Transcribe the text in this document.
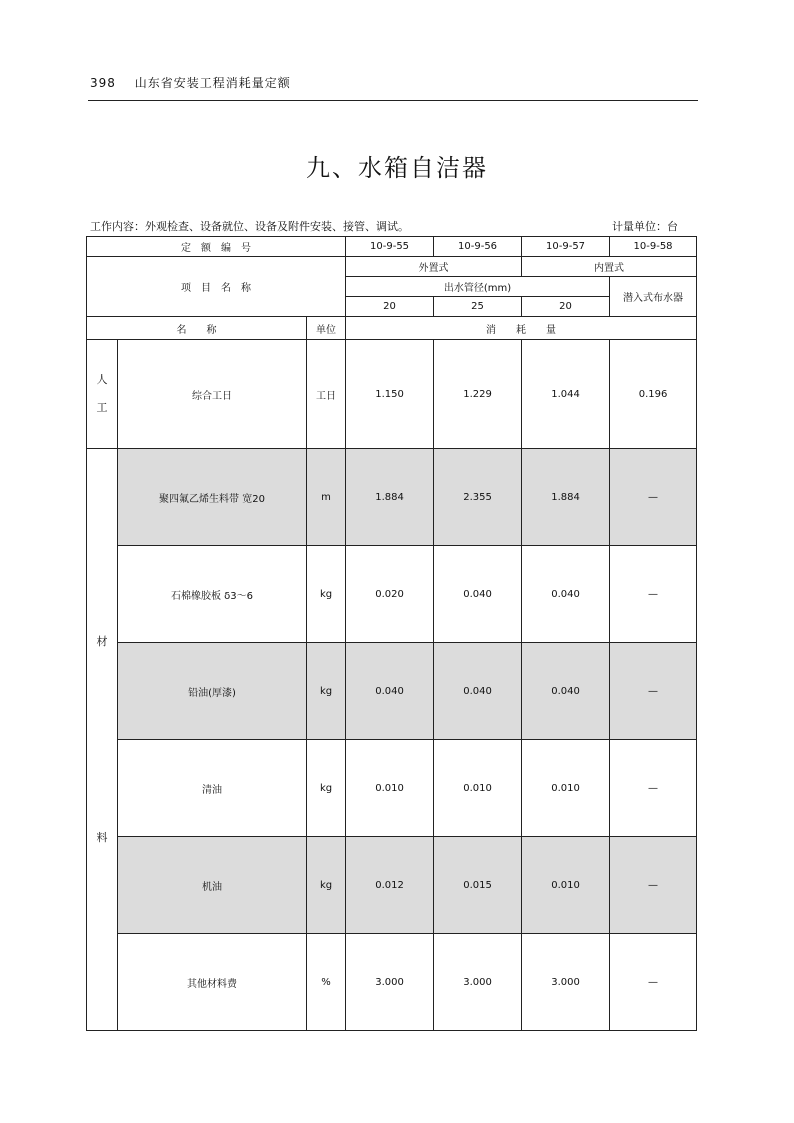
398 山东省安装工程消耗量定额
九、水箱自洁器
工作内容：外观检查、设备就位、设备及附件安装、接管、调试。	计量单位：台
定　额　编　号			10-9-55	10-9-56	10-9-57	10-9-58
项　目　名　称			外置式		内置式	
			出水管径(mm)			潜入式布水器
			20	25	20	
名　　称		单位	消　　耗　　量			
人
工	综合工日	工日	1.150	1.229	1.044	0.196
材

料	聚四氟乙烯生料带 宽20	m	1.884	2.355	1.884	—
	石棉橡胶板 δ3～6	kg	0.020	0.040	0.040	—
	铅油(厚漆)	kg	0.040	0.040	0.040	—
	清油	kg	0.010	0.010	0.010	—
	机油	kg	0.012	0.015	0.010	—
	其他材料费	%	3.000	3.000	3.000	—
